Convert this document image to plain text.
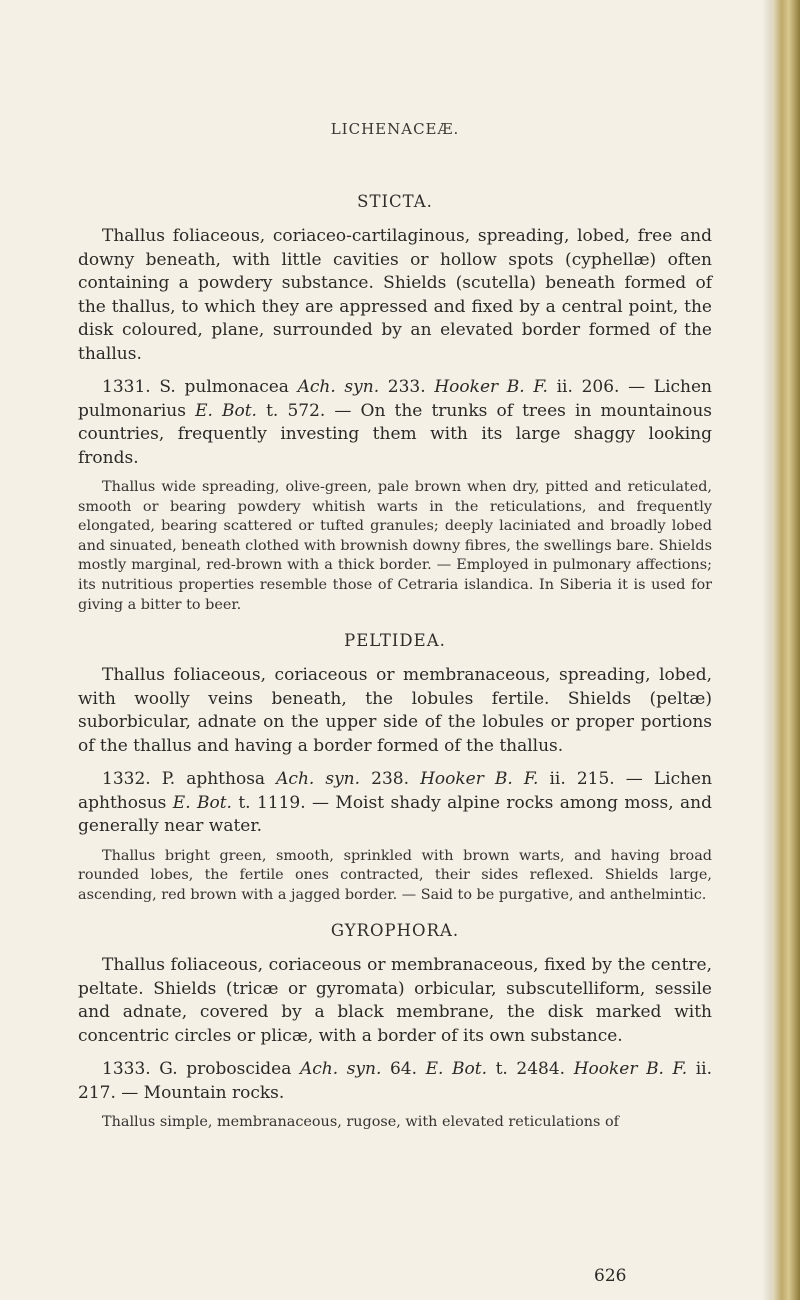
LICHENACEÆ.
STICTA.

Thallus foliaceous, coriaceo-cartilaginous, spreading, lobed, free and downy beneath, with little cavities or hollow spots (cyphellæ) often containing a powdery substance. Shields (scutella) beneath formed of the thallus, to which they are appressed and fixed by a central point, the disk coloured, plane, surrounded by an elevated border formed of the thallus.

1331. S. pulmonacea Ach. syn. 233. Hooker B. F. ii. 206. — Lichen pulmonarius E. Bot. t. 572. — On the trunks of trees in mountainous countries, frequently investing them with its large shaggy looking fronds.

Thallus wide spreading, olive-green, pale brown when dry, pitted and reticulated, smooth or bearing powdery whitish warts in the reticulations, and frequently elongated, bearing scattered or tufted granules; deeply laciniated and broadly lobed and sinuated, beneath clothed with brownish downy fibres, the swellings bare. Shields mostly marginal, red-brown with a thick border. — Employed in pulmonary affections; its nutritious properties resemble those of Cetraria islandica. In Siberia it is used for giving a bitter to beer.

PELTIDEA.

Thallus foliaceous, coriaceous or membranaceous, spreading, lobed, with woolly veins beneath, the lobules fertile. Shields (peltæ) suborbicular, adnate on the upper side of the lobules or proper portions of the thallus and having a border formed of the thallus.

1332. P. aphthosa Ach. syn. 238. Hooker B. F. ii. 215. — Lichen aphthosus E. Bot. t. 1119. — Moist shady alpine rocks among moss, and generally near water.

Thallus bright green, smooth, sprinkled with brown warts, and having broad rounded lobes, the fertile ones contracted, their sides reflexed. Shields large, ascending, red brown with a jagged border. — Said to be purgative, and anthelmintic.

GYROPHORA.

Thallus foliaceous, coriaceous or membranaceous, fixed by the centre, peltate. Shields (tricæ or gyromata) orbicular, subscutelliform, sessile and adnate, covered by a black membrane, the disk marked with concentric circles or plicæ, with a border of its own substance.

1333. G. proboscidea Ach. syn. 64. E. Bot. t. 2484. Hooker B. F. ii. 217. — Mountain rocks.

Thallus simple, membranaceous, rugose, with elevated reticulations of

626
